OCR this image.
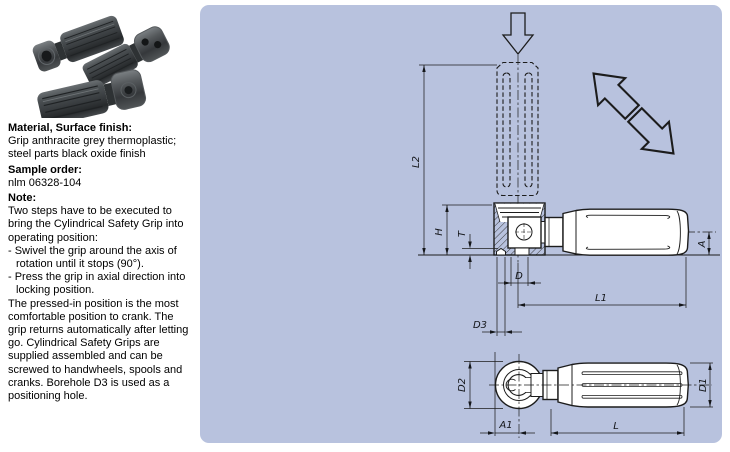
Material, Surface finish:
Grip anthracite grey thermoplastic;
steel parts black oxide finish
Sample order:
nlm 06328-104
Note:
Two steps have to be executed to bring the Cylindrical Safety Grip into operating position:
- Swivel the grip around the axis of rotation until it stops (90°).
- Press the grip in axial direction into locking position.
The pressed-in position is the most comfortable position to crank. The grip returns automatically after letting go. Cylindrical Safety Grips are supplied assembled and can be screwed to handwheels, spools and cranks. Borehole D3 is used as a positioning hole.
L2
H T
D
D3
L1
A
D2
A1	L
D1
